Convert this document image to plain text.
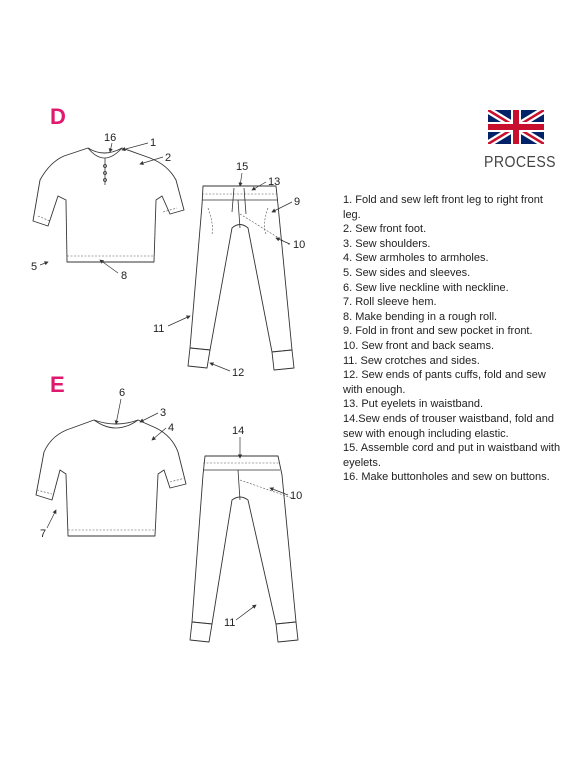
D
16	1
2
5
8
15
13
9
10
11
12
E	6
3
4
7
14
10
11
PROCESS
1. Fold and sew left front leg to right front leg.
2. Sew front foot.
3. Sew shoulders.
4. Sew armholes to armholes.
5. Sew sides and sleeves.
6. Sew live neckline with neckline.
7. Roll sleeve hem.
8. Make bending in a rough roll.
9. Fold in front and sew pocket in front.
10. Sew front and back seams.
11. Sew crotches and sides.
12. Sew ends of pants cuffs, fold and sew with enough.
13. Put eyelets in waistband.
14.Sew ends of trouser waistband, fold and sew with enough including elastic.
15. Assemble cord and put in waistband with eyelets.
16. Make buttonholes and sew on buttons.
